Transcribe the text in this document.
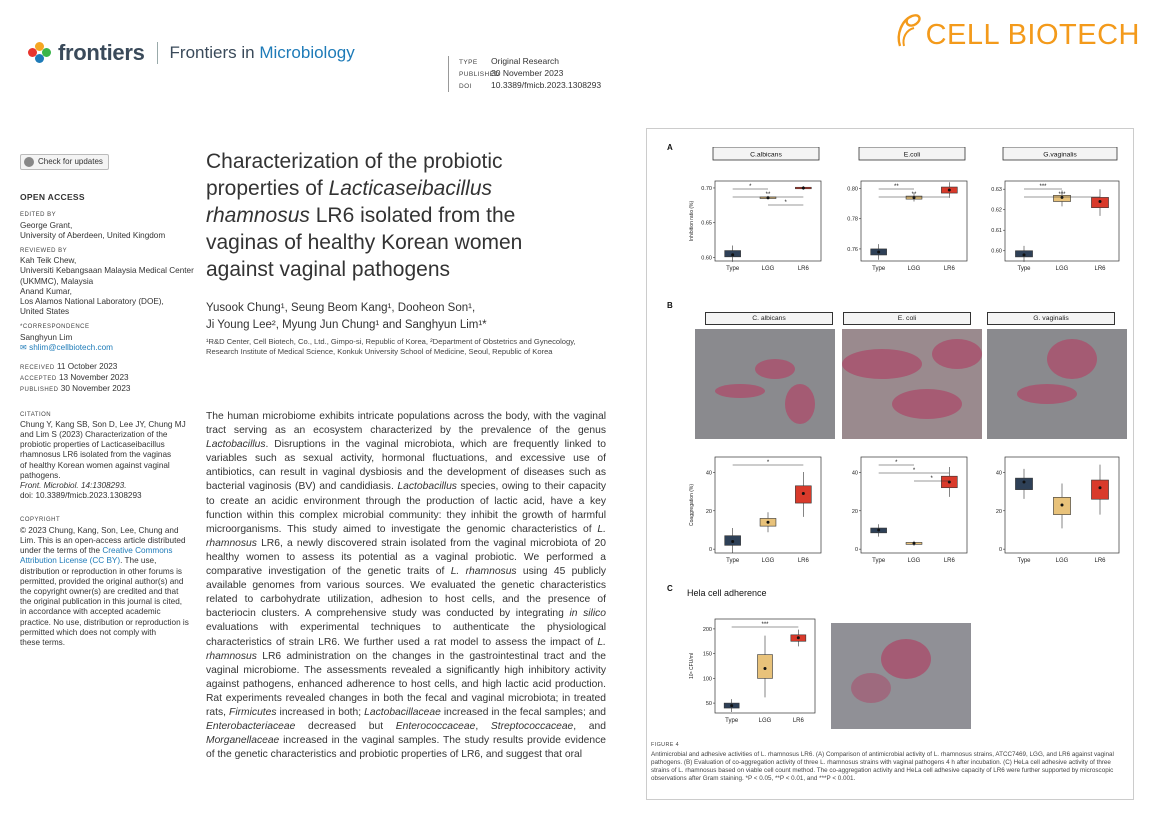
frontiers Frontiers in Microbiology
TYPE Original Research
PUBLISHED30 November 2023
DOI 10.3389/fmicb.2023.1308293
CELL BIOTECH
Check for updates
OPEN ACCESS
EDITED BY
George Grant,
University of Aberdeen, United Kingdom
REVIEWED BY
Kah Teik Chew,
Universiti Kebangsaan Malaysia Medical Center
(UKMMC), Malaysia
Anand Kumar,
Los Alamos National Laboratory (DOE),
United States
*CORRESPONDENCE
Sanghyun Lim
✉ shlim@cellbiotech.com
RECEIVED 11 October 2023
ACCEPTED 13 November 2023
PUBLISHED 30 November 2023
CITATION
Chung Y, Kang SB, Son D, Lee JY, Chung MJ
and Lim S (2023) Characterization of the
probiotic properties of Lacticaseibacillus
rhamnosus LR6 isolated from the vaginas
of healthy Korean women against vaginal
pathogens.
Front. Microbiol. 14:1308293.
doi: 10.3389/fmicb.2023.1308293
COPYRIGHT
© 2023 Chung, Kang, Son, Lee, Chung and
Lim. This is an open-access article distributed
under the terms of the Creative Commons
Attribution License (CC BY). The use,
distribution or reproduction in other forums is
permitted, provided the original author(s) and
the copyright owner(s) are credited and that
the original publication in this journal is cited,
in accordance with accepted academic
practice. No use, distribution or reproduction is
permitted which does not comply with
these terms.
Characterization of the probiotic
properties of Lacticaseibacillus
rhamnosus LR6 isolated from the
vaginas of healthy Korean women
against vaginal pathogens
Yusook Chung¹, Seung Beom Kang¹, Dooheon Son¹,
Ji Young Lee², Myung Jun Chung¹ and Sanghyun Lim¹*
¹R&D Center, Cell Biotech, Co., Ltd., Gimpo-si, Republic of Korea, ²Department of Obstetrics and Gynecology, Research Institute of Medical Science, Konkuk University School of Medicine, Seoul, Republic of Korea
The human microbiome exhibits intricate populations across the body, with the vaginal tract serving as an ecosystem characterized by the prevalence of the genus Lactobacillus. Disruptions in the vaginal microbiota, which are frequently linked to variables such as sexual activity, hormonal fluctuations, and excessive use of antibiotics, can result in vaginal dysbiosis and the development of diseases such as bacterial vaginosis (BV) and candidiasis. Lactobacillus species, owing to their capacity to create an acidic environment through the production of lactic acid, have a key function within this complex microbial community: they inhibit the growth of harmful microorganisms. This study aimed to investigate the genomic characteristics of L. rhamnosus LR6, a newly discovered strain isolated from the vaginal microbiota of 20 healthy women to assess its potential as a vaginal probiotic. We performed a comparative investigation of the genetic traits of L. rhamnosus using 45 publicly available genomes from various sources. We evaluated the genetic characteristics related to carbohydrate utilization, adhesion to host cells, and the presence of bacteriocin clusters. A comprehensive study was conducted by integrating in silico evaluations with experimental techniques to authenticate the physiological characteristics of strain LR6. We further used a rat model to assess the impact of L. rhamnosus LR6 administration on the changes in the gastrointestinal tract and the vaginal microbiome. The assessments revealed a significantly high inhibitory activity against pathogens, enhanced adherence to host cells, and high lactic acid production. Rat experiments revealed changes in both the fecal and vaginal microbiota; in treated rats, Firmicutes increased in both; Lactobacillaceae increased in the fecal samples; and Enterobacteriaceae decreased but Enterococcaceae, Streptococcaceae, and Morganellaceae increased in the vaginal samples. The study results provide evidence of the genetic characteristics and probiotic properties of LR6, and suggest that oral
A
B
C Hela cell adherence
C. albicans	E. coli	G. vaginalis
FIGURE 4
Antimicrobial and adhesive activities of L. rhamnosus LR6. (A) Comparison of antimicrobial activity of L. rhamnosus strains, ATCC7469, LGG, and LR6 against vaginal pathogens. (B) Evaluation of co-aggregation activity of three L. rhamnosus strains with vaginal pathogens 4 h after incubation. (C) HeLa cell adhesive activity of three strains of L. rhamnosus based on viable cell count method. The co-aggregation activity and HeLa cell adhesive capacity of LR6 were further supported by microscopic observations after Gram staining. *P < 0.05, **P < 0.01, and ***P < 0.001.
C.albicans
0.60
0.65
0.70
Inhibition ratio (%)
Type	LGG	LR6
*
**
*
E.coli
0.76
0.78
0.80
Type	LGG	LR6
**
**
G.vaginalis
0.60
0.61
0.62
0.63
Type	LGG	LR6
***
***
0
20
40
Coaggregation (%)
Type	LGG	LR6
*
0
20
40
Type	LGG	LR6
*
*
*
0
20
40
Type	LGG	LR6
50
100
150
200
10⁶ CFU/ml
Type	LGG	LR6
***
